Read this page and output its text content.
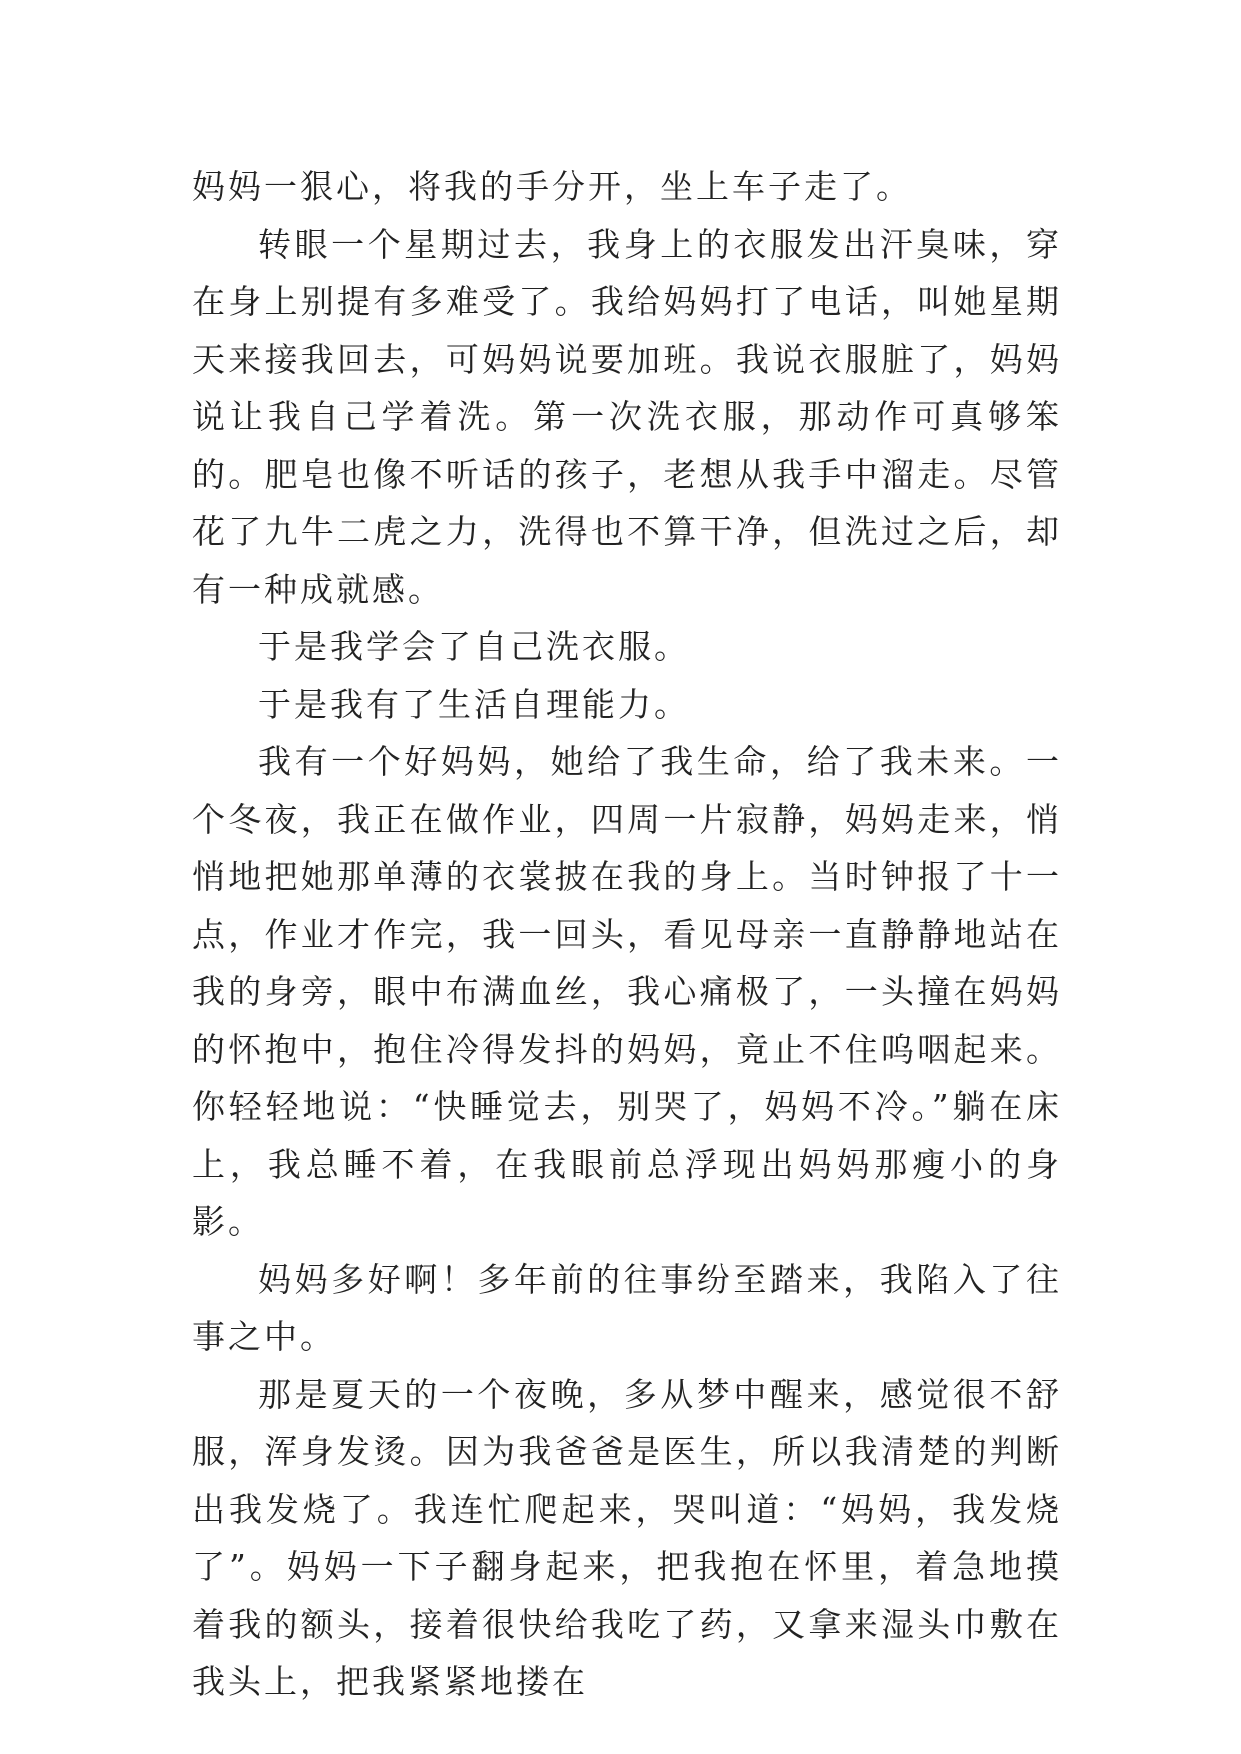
妈妈一狠心，将我的手分开，坐上车子走了。

转眼一个星期过去，我身上的衣服发出汗臭味，穿在身上别提有多难受了。我给妈妈打了电话，叫她星期天来接我回去，可妈妈说要加班。我说衣服脏了，妈妈说让我自己学着洗。第一次洗衣服，那动作可真够笨的。肥皂也像不听话的孩子，老想从我手中溜走。尽管花了九牛二虎之力，洗得也不算干净，但洗过之后，却有一种成就感。

于是我学会了自己洗衣服。

于是我有了生活自理能力。

我有一个好妈妈，她给了我生命，给了我未来。一个冬夜，我正在做作业，四周一片寂静，妈妈走来，悄悄地把她那单薄的衣裳披在我的身上。当时钟报了十一点，作业才作完，我一回头，看见母亲一直静静地站在我的身旁，眼中布满血丝，我心痛极了，一头撞在妈妈的怀抱中，抱住冷得发抖的妈妈，竟止不住呜咽起来。你轻轻地说：“快睡觉去，别哭了，妈妈不冷。”躺在床上，我总睡不着，在我眼前总浮现出妈妈那瘦小的身影。

妈妈多好啊！多年前的往事纷至踏来，我陷入了往事之中。

那是夏天的一个夜晚，多从梦中醒来，感觉很不舒服，浑身发烫。因为我爸爸是医生，所以我清楚的判断出我发烧了。我连忙爬起来，哭叫道：“妈妈，我发烧了”。妈妈一下子翻身起来，把我抱在怀里，着急地摸着我的额头，接着很快给我吃了药，又拿来湿头巾敷在我头上，把我紧紧地搂在
